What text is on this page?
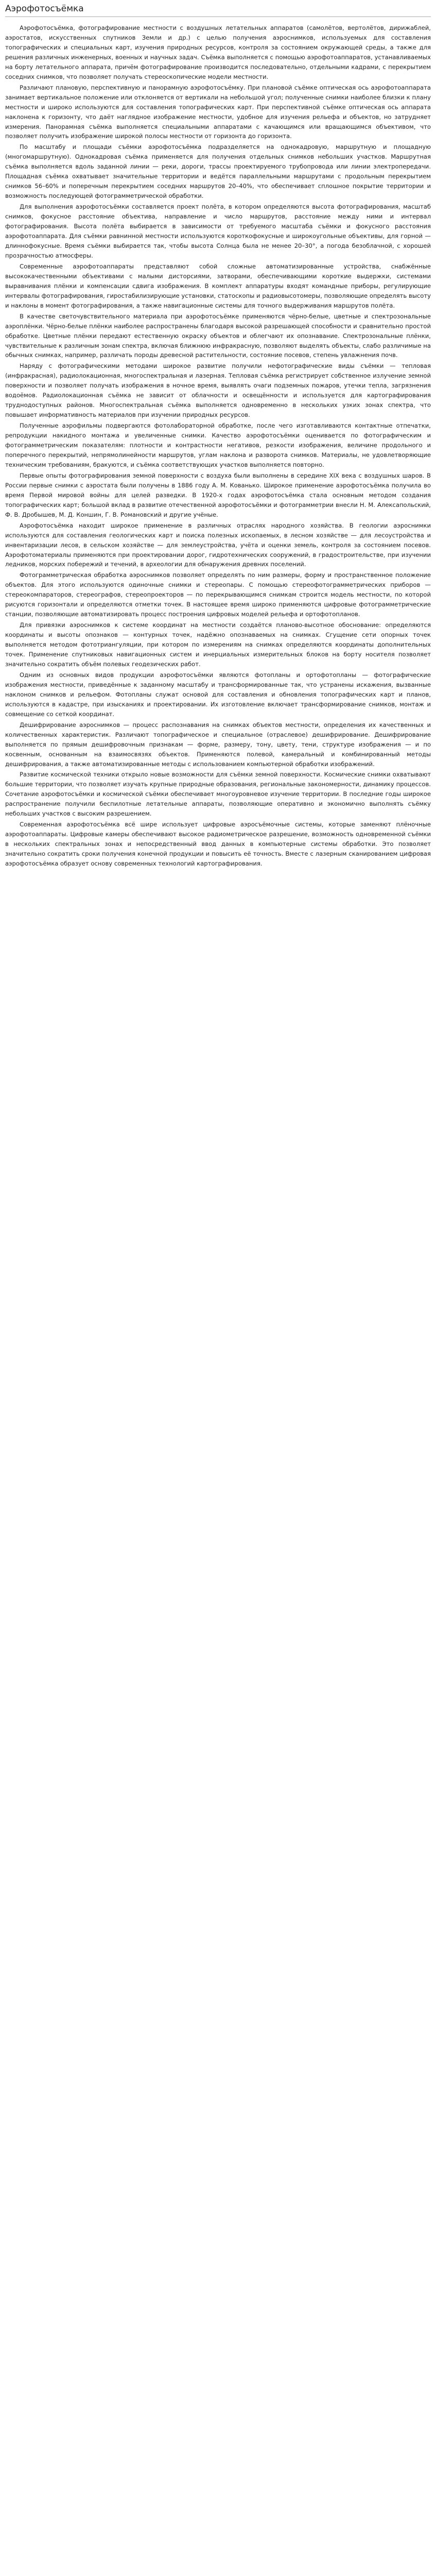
Аэрофотосъёмка

Аэрофотосъёмка, фотографирование местности с воздушных летательных аппаратов (самолётов, вертолётов, дирижаблей, аэростатов, искусственных спутников Земли и др.) с целью получения аэроснимков, используемых для составления топографических и специальных карт, изучения природных ресурсов, контроля за состоянием окружающей среды, а также для решения различных инженерных, военных и научных задач. Съёмка выполняется с помощью аэрофотоаппаратов, устанавливаемых на борту летательного аппарата, причём фотографирование производится последовательно, отдельными кадрами, с перекрытием соседних снимков, что позволяет получать стереоскопические модели местности.

Различают плановую, перспективную и панорамную аэрофотосъёмку. При плановой съёмке оптическая ось аэрофотоаппарата занимает вертикальное положение или отклоняется от вертикали на небольшой угол; полученные снимки наиболее близки к плану местности и широко используются для составления топографических карт. При перспективной съёмке оптическая ось аппарата наклонена к горизонту, что даёт наглядное изображение местности, удобное для изучения рельефа и объектов, но затрудняет измерения. Панорамная съёмка выполняется специальными аппаратами с качающимся или вращающимся объективом, что позволяет получить изображение широкой полосы местности от горизонта до горизонта.

По масштабу и площади съёмки аэрофотосъёмка подразделяется на однокадровую, маршрутную и площадную (многомаршрутную). Однокадровая съёмка применяется для получения отдельных снимков небольших участков. Маршрутная съёмка выполняется вдоль заданной линии — реки, дороги, трассы проектируемого трубопровода или линии электропередачи. Площадная съёмка охватывает значительные территории и ведётся параллельными маршрутами с продольным перекрытием снимков 56–60% и поперечным перекрытием соседних маршрутов 20–40%, что обеспечивает сплошное покрытие территории и возможность последующей фотограмметрической обработки.

Для выполнения аэрофотосъёмки составляется проект полёта, в котором определяются высота фотографирования, масштаб снимков, фокусное расстояние объектива, направление и число маршрутов, расстояние между ними и интервал фотографирования. Высота полёта выбирается в зависимости от требуемого масштаба съёмки и фокусного расстояния аэрофотоаппарата. Для съёмки равнинной местности используются короткофокусные и широкоугольные объективы, для горной — длиннофокусные. Время съёмки выбирается так, чтобы высота Солнца была не менее 20–30°, а погода безоблачной, с хорошей прозрачностью атмосферы.

Современные аэрофотоаппараты представляют собой сложные автоматизированные устройства, снабжённые высококачественными объективами с малыми дисторсиями, затворами, обеспечивающими короткие выдержки, системами выравнивания плёнки и компенсации сдвига изображения. В комплект аппаратуры входят командные приборы, регулирующие интервалы фотографирования, гиростабилизирующие установки, статоскопы и радиовысотомеры, позволяющие определять высоту и наклоны в момент фотографирования, а также навигационные системы для точного выдерживания маршрутов полёта.

В качестве светочувствительного материала при аэрофотосъёмке применяются чёрно-белые, цветные и спектрозональные аэроплёнки. Чёрно-белые плёнки наиболее распространены благодаря высокой разрешающей способности и сравнительно простой обработке. Цветные плёнки передают естественную окраску объектов и облегчают их опознавание. Спектрозональные плёнки, чувствительные к различным зонам спектра, включая ближнюю инфракрасную, позволяют выделять объекты, слабо различимые на обычных снимках, например, различать породы древесной растительности, состояние посевов, степень увлажнения почв.

Наряду с фотографическими методами широкое развитие получили нефотографические виды съёмки — тепловая (инфракрасная), радиолокационная, многоспектральная и лазерная. Тепловая съёмка регистрирует собственное излучение земной поверхности и позволяет получать изображения в ночное время, выявлять очаги подземных пожаров, утечки тепла, загрязнения водоёмов. Радиолокационная съёмка не зависит от облачности и освещённости и используется для картографирования труднодоступных районов. Многоспектральная съёмка выполняется одновременно в нескольких узких зонах спектра, что повышает информативность материалов при изучении природных ресурсов.

Полученные аэрофильмы подвергаются фотолабораторной обработке, после чего изготавливаются контактные отпечатки, репродукции накидного монтажа и увеличенные снимки. Качество аэрофотосъёмки оценивается по фотографическим и фотограмметрическим показателям: плотности и контрастности негативов, резкости изображения, величине продольного и поперечного перекрытий, непрямолинейности маршрутов, углам наклона и разворота снимков. Материалы, не удовлетворяющие техническим требованиям, бракуются, и съёмка соответствующих участков выполняется повторно.

Первые опыты фотографирования земной поверхности с воздуха были выполнены в середине XIX века с воздушных шаров. В России первые снимки с аэростата были получены в 1886 году А. М. Кованько. Широкое применение аэрофотосъёмка получила во время Первой мировой войны для целей разведки. В 1920-х годах аэрофотосъёмка стала основным методом создания топографических карт; большой вклад в развитие отечественной аэрофотосъёмки и фотограмметрии внесли Н. М. Алексапольский, Ф. В. Дробышев, М. Д. Коншин, Г. В. Романовский и другие учёные.

Аэрофотосъёмка находит широкое применение в различных отраслях народного хозяйства. В геологии аэроснимки используются для составления геологических карт и поиска полезных ископаемых, в лесном хозяйстве — для лесоустройства и инвентаризации лесов, в сельском хозяйстве — для землеустройства, учёта и оценки земель, контроля за состоянием посевов. Аэрофотоматериалы применяются при проектировании дорог, гидротехнических сооружений, в градостроительстве, при изучении ледников, морских побережий и течений, в археологии для обнаружения древних поселений.

Фотограмметрическая обработка аэроснимков позволяет определять по ним размеры, форму и пространственное положение объектов. Для этого используются одиночные снимки и стереопары. С помощью стереофотограмметрических приборов — стереокомпараторов, стереографов, стереопроекторов — по перекрывающимся снимкам строится модель местности, по которой рисуются горизонтали и определяются отметки точек. В настоящее время широко применяются цифровые фотограмметрические станции, позволяющие автоматизировать процесс построения цифровых моделей рельефа и ортофотопланов.

Для привязки аэроснимков к системе координат на местности создаётся планово-высотное обоснование: определяются координаты и высоты опознаков — контурных точек, надёжно опознаваемых на снимках. Сгущение сети опорных точек выполняется методом фототриангуляции, при котором по измерениям на снимках определяются координаты дополнительных точек. Применение спутниковых навигационных систем и инерциальных измерительных блоков на борту носителя позволяет значительно сократить объём полевых геодезических работ.

Одним из основных видов продукции аэрофотосъёмки являются фотопланы и ортофотопланы — фотографические изображения местности, приведённые к заданному масштабу и трансформированные так, что устранены искажения, вызванные наклоном снимков и рельефом. Фотопланы служат основой для составления и обновления топографических карт и планов, используются в кадастре, при изысканиях и проектировании. Их изготовление включает трансформирование снимков, монтаж и совмещение со сеткой координат.

Дешифрирование аэроснимков — процесс распознавания на снимках объектов местности, определения их качественных и количественных характеристик. Различают топографическое и специальное (отраслевое) дешифрирование. Дешифрирование выполняется по прямым дешифровочным признакам — форме, размеру, тону, цвету, тени, структуре изображения — и по косвенным, основанным на взаимосвязях объектов. Применяются полевой, камеральный и комбинированный методы дешифрирования, а также автоматизированные методы с использованием компьютерной обработки изображений.

Развитие космической техники открыло новые возможности для съёмки земной поверхности. Космические снимки охватывают большие территории, что позволяет изучать крупные природные образования, региональные закономерности, динамику процессов. Сочетание аэрофотосъёмки и космической съёмки обеспечивает многоуровневое изучение территории. В последние годы широкое распространение получили беспилотные летательные аппараты, позволяющие оперативно и экономично выполнять съёмку небольших участков с высоким разрешением.

Современная аэрофотосъёмка всё шире использует цифровые аэросъёмочные системы, которые заменяют плёночные аэрофотоаппараты. Цифровые камеры обеспечивают высокое радиометрическое разрешение, возможность одновременной съёмки в нескольких спектральных зонах и непосредственный ввод данных в компьютерные системы обработки. Это позволяет значительно сократить сроки получения конечной продукции и повысить её точность. Вместе с лазерным сканированием цифровая аэрофотосъёмка образует основу современных технологий картографирования.
